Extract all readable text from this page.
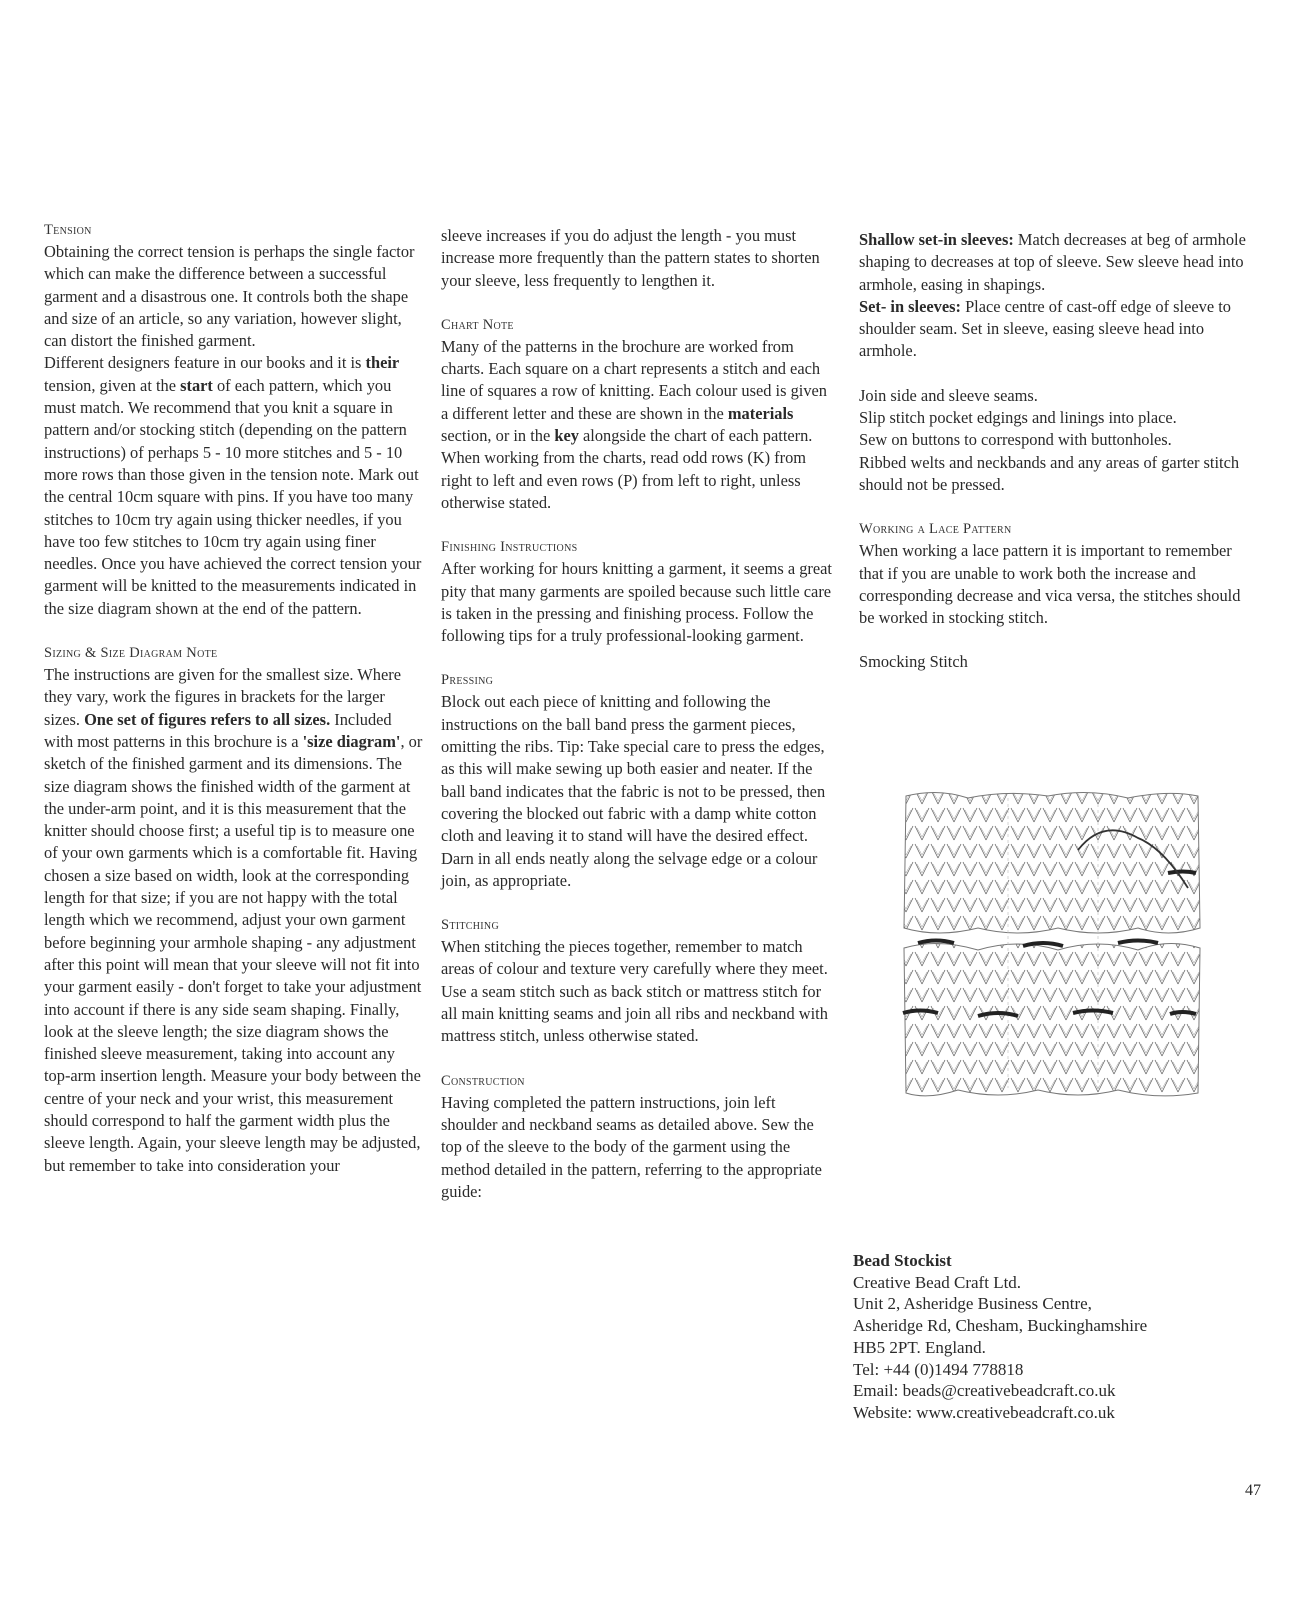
Tension

Obtaining the correct tension is perhaps the single factor which can make the difference between a successful garment and a disastrous one. It controls both the shape and size of an article, so any variation, however slight, can distort the finished garment.

Different designers feature in our books and it is their tension, given at the start of each pattern, which you must match. We recommend that you knit a square in pattern and/or stocking stitch (depending on the pattern instructions) of perhaps 5 - 10 more stitches and 5 - 10 more rows than those given in the tension note. Mark out the central 10cm square with pins. If you have too many stitches to 10cm try again using thicker needles, if you have too few stitches to 10cm try again using finer needles. Once you have achieved the correct tension your garment will be knitted to the measurements indicated in the size diagram shown at the end of the pattern.

Sizing & Size Diagram Note

The instructions are given for the smallest size. Where they vary, work the figures in brackets for the larger sizes. One set of figures refers to all sizes. Included with most patterns in this brochure is a 'size diagram', or sketch of the finished garment and its dimensions. The size diagram shows the finished width of the garment at the under-arm point, and it is this measurement that the knitter should choose first; a useful tip is to measure one of your own garments which is a comfortable fit. Having chosen a size based on width, look at the corresponding length for that size; if you are not happy with the total length which we recommend, adjust your own garment before beginning your armhole shaping - any adjustment after this point will mean that your sleeve will not fit into your garment easily - don't forget to take your adjustment into account if there is any side seam shaping. Finally, look at the sleeve length; the size diagram shows the finished sleeve measurement, taking into account any top-arm insertion length. Measure your body between the centre of your neck and your wrist, this measurement should correspond to half the garment width plus the sleeve length. Again, your sleeve length may be adjusted, but remember to take into consideration your

sleeve increases if you do adjust the length - you must increase more frequently than the pattern states to shorten your sleeve, less frequently to lengthen it.

Chart Note

Many of the patterns in the brochure are worked from charts. Each square on a chart represents a stitch and each line of squares a row of knitting. Each colour used is given a different letter and these are shown in the materials section, or in the key alongside the chart of each pattern. When working from the charts, read odd rows (K) from right to left and even rows (P) from left to right, unless otherwise stated.

Finishing Instructions

After working for hours knitting a garment, it seems a great pity that many garments are spoiled because such little care is taken in the pressing and finishing process. Follow the following tips for a truly professional-looking garment.

Pressing

Block out each piece of knitting and following the instructions on the ball band press the garment pieces, omitting the ribs. Tip: Take special care to press the edges, as this will make sewing up both easier and neater. If the ball band indicates that the fabric is not to be pressed, then covering the blocked out fabric with a damp white cotton cloth and leaving it to stand will have the desired effect. Darn in all ends neatly along the selvage edge or a colour join, as appropriate.

Stitching

When stitching the pieces together, remember to match areas of colour and texture very carefully where they meet. Use a seam stitch such as back stitch or mattress stitch for all main knitting seams and join all ribs and neckband with mattress stitch, unless otherwise stated.

Construction

Having completed the pattern instructions, join left shoulder and neckband seams as detailed above. Sew the top of the sleeve to the body of the garment using the method detailed in the pattern, referring to the appropriate guide:

Shallow set-in sleeves: Match decreases at beg of armhole shaping to decreases at top of sleeve. Sew sleeve head into armhole, easing in shapings.

Set- in sleeves: Place centre of cast-off edge of sleeve to shoulder seam. Set in sleeve, easing sleeve head into armhole.

Join side and sleeve seams.

Slip stitch pocket edgings and linings into place.

Sew on buttons to correspond with buttonholes.

Ribbed welts and neckbands and any areas of garter stitch should not be pressed.

Working a Lace Pattern

When working a lace pattern it is important to remember that if you are unable to work both the increase and corresponding decrease and vica versa, the stitches should be worked in stocking stitch.

Smocking Stitch

Bead Stockist
Creative Bead Craft Ltd.
Unit 2, Asheridge Business Centre,
Asheridge Rd, Chesham, Buckinghamshire
HB5 2PT. England.
Tel: +44 (0)1494 778818
Email: beads@creativebeadcraft.co.uk
Website: www.creativebeadcraft.co.uk
47
